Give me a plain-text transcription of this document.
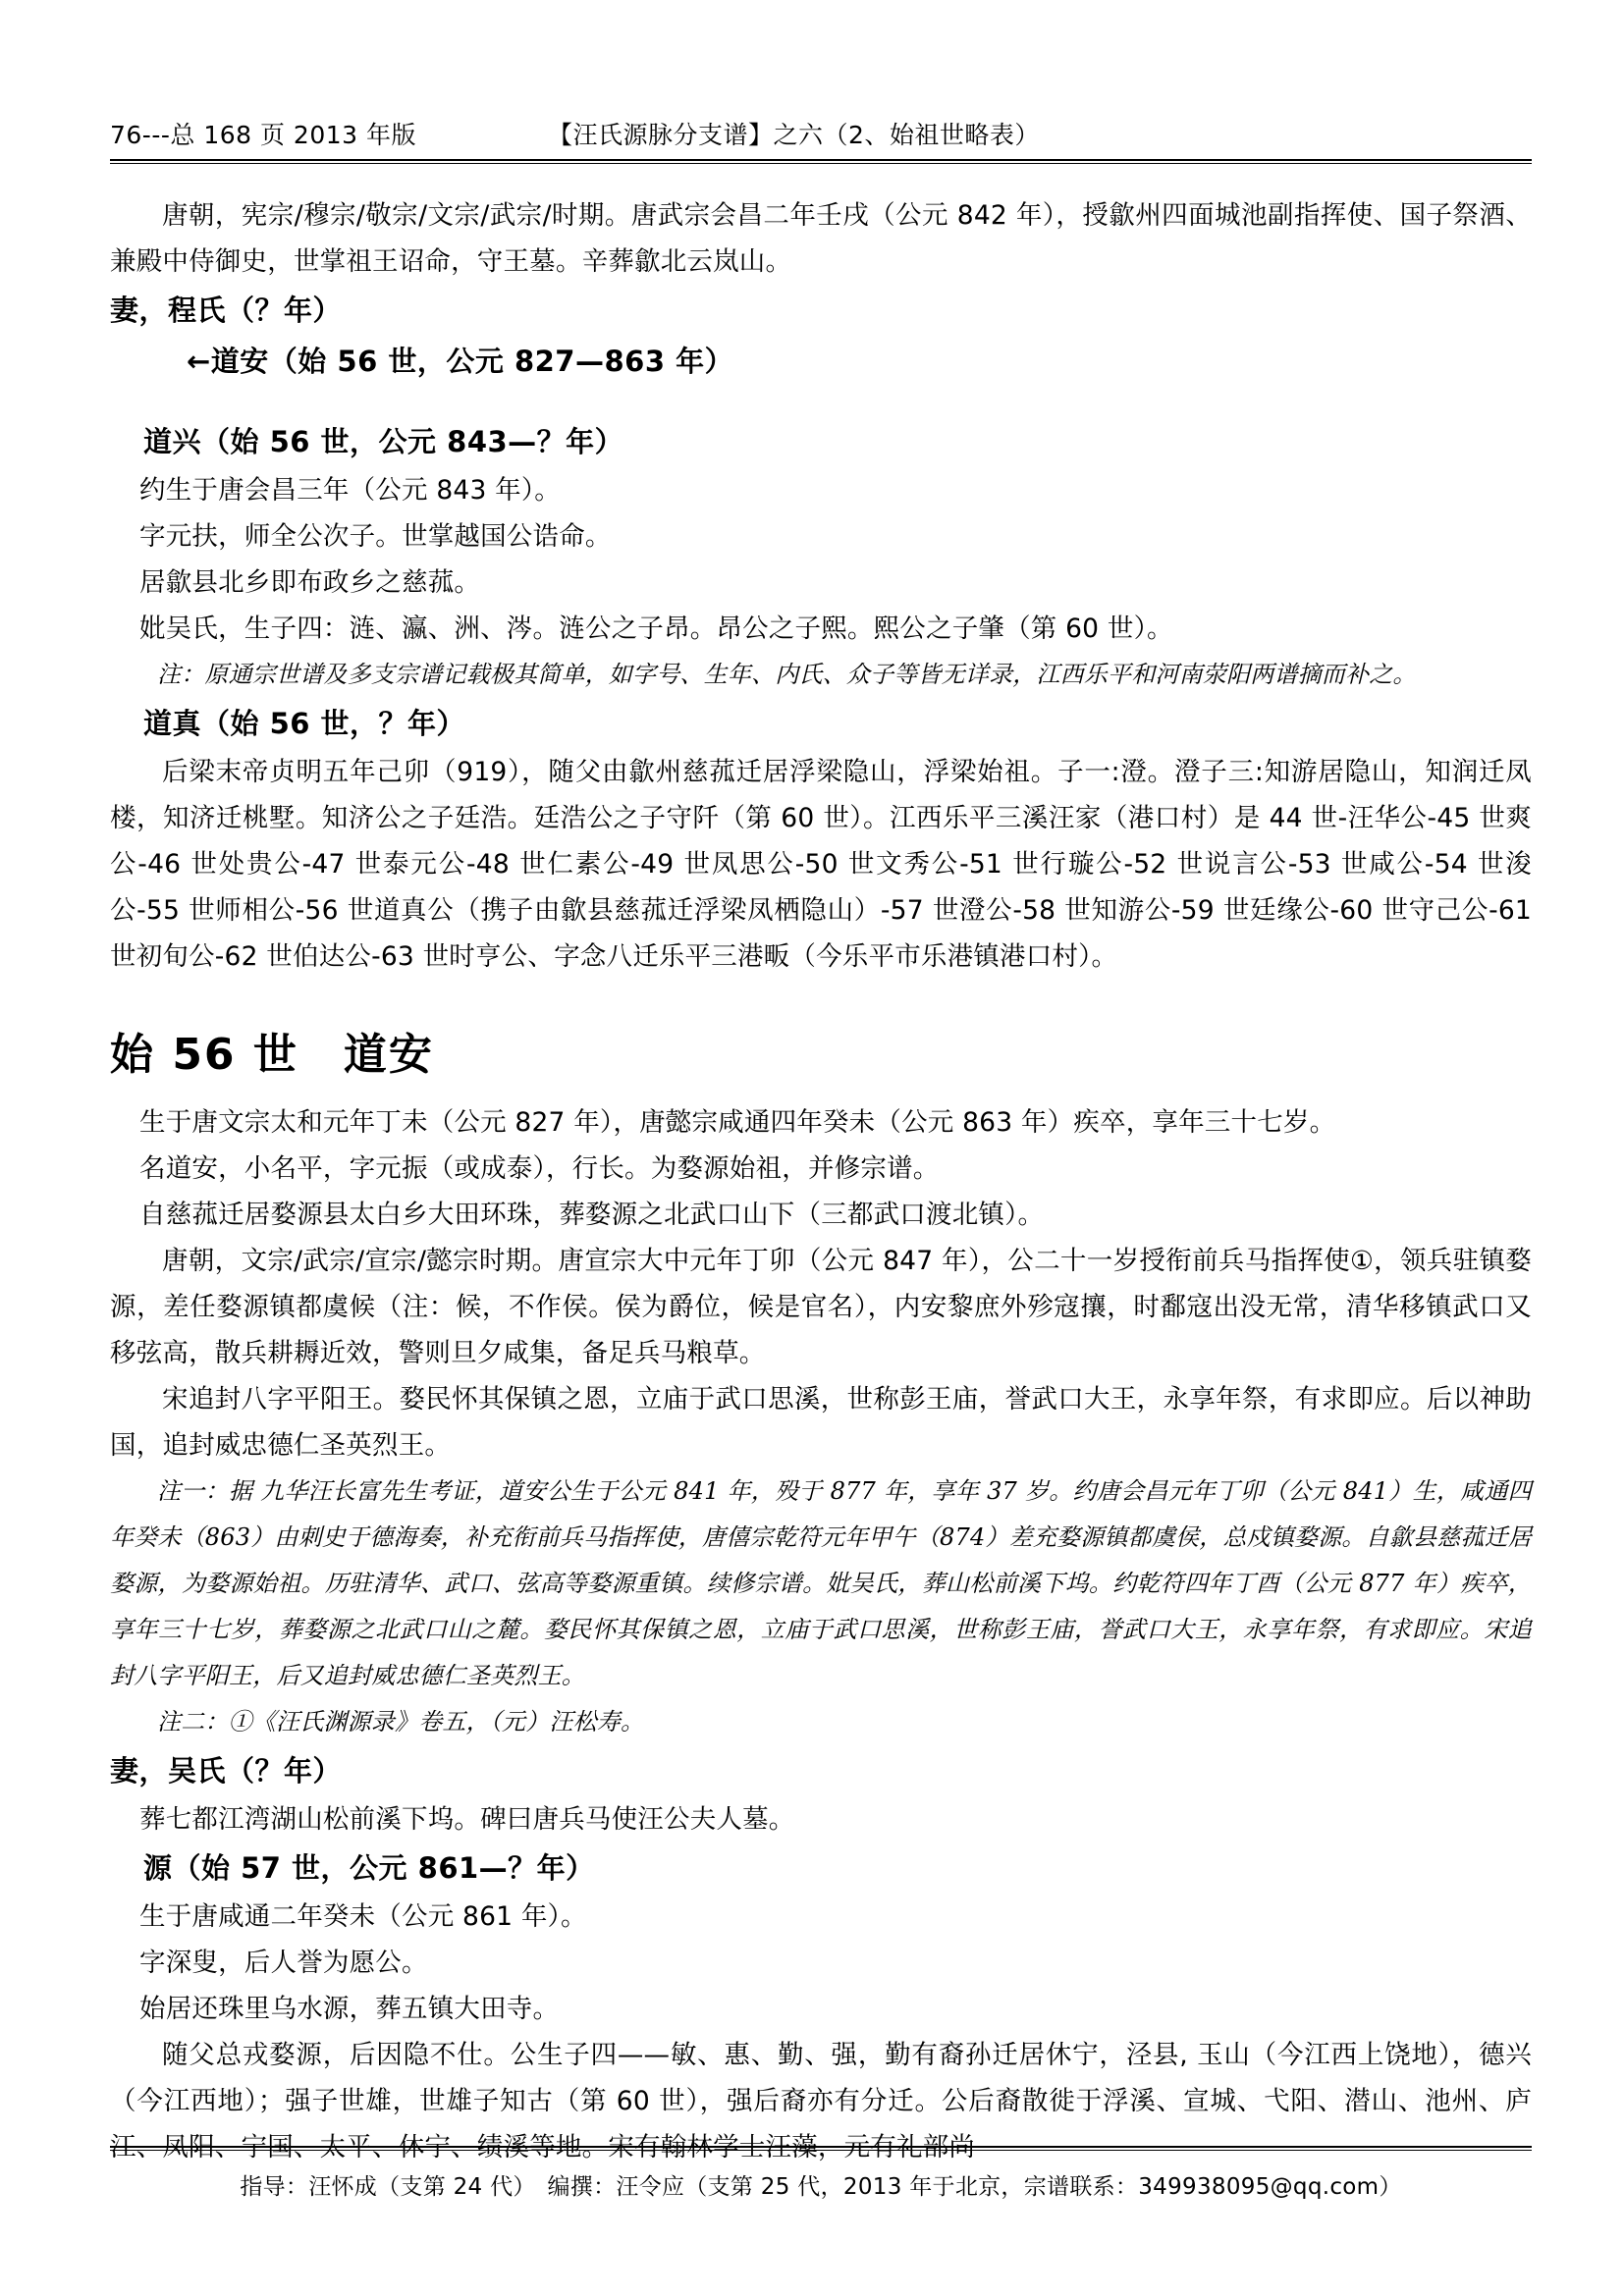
76---总 168 页 2013 年版	【汪氏源脉分支谱】之六（2、始祖世略表）

唐朝，宪宗/穆宗/敬宗/文宗/武宗/时期。唐武宗会昌二年壬戌（公元 842 年），授歙州四面城池副指挥使、国子祭酒、兼殿中侍御史，世掌祖王诏命，守王墓。辛葬歙北云岚山。

妻，程氏（？年）

←道安（始 56 世，公元 827—863 年）

道兴（始 56 世，公元 843—？年）

约生于唐会昌三年（公元 843 年）。

字元扶，师全公次子。世掌越国公诰命。

居歙县北乡即布政乡之慈菰。

妣吴氏，生子四：涟、瀛、洲、涔。涟公之子昂。昂公之子熙。熙公之子肇（第 60 世）。

注：原通宗世谱及多支宗谱记载极其简单，如字号、生年、内氏、众子等皆无详录，江西乐平和河南荥阳两谱摘而补之。

道真（始 56 世，？年）

后梁末帝贞明五年己卯（919），随父由歙州慈菰迁居浮梁隐山，浮梁始祖。子一:澄。澄子三:知游居隐山，知润迁凤楼，知济迁桃墅。知济公之子廷浩。廷浩公之子守阡（第 60 世）。江西乐平三溪汪家（港口村）是 44 世-汪华公-45 世爽公-46 世处贵公-47 世泰元公-48 世仁素公-49 世凤思公-50 世文秀公-51 世行璇公-52 世说言公-53 世咸公-54 世浚公-55 世师相公-56 世道真公（携子由歙县慈菰迁浮梁凤栖隐山）-57 世澄公-58 世知游公-59 世廷缘公-60 世守己公-61 世初旬公-62 世伯达公-63 世时亨公、字念八迁乐平三港畈（今乐平市乐港镇港口村）。

始 56 世　道安

生于唐文宗太和元年丁未（公元 827 年），唐懿宗咸通四年癸未（公元 863 年）疾卒，享年三十七岁。

名道安，小名平，字元振（或成泰），行长。为婺源始祖，并修宗谱。

自慈菰迁居婺源县太白乡大田环珠，葬婺源之北武口山下（三都武口渡北镇）。

唐朝，文宗/武宗/宣宗/懿宗时期。唐宣宗大中元年丁卯（公元 847 年），公二十一岁授衔前兵马指挥使①，领兵驻镇婺源，差任婺源镇都虞候（注：候，不作侯。侯为爵位，候是官名），内安黎庶外殄寇攘，时鄱寇出没无常，清华移镇武口又移弦高，散兵耕耨近效，警则旦夕咸集，备足兵马粮草。

宋追封八字平阳王。婺民怀其保镇之恩，立庙于武口思溪，世称彭王庙，誉武口大王，永享年祭，有求即应。后以神助国，追封威忠德仁圣英烈王。

注一：据 九华汪长富先生考证，道安公生于公元 841 年，殁于 877 年，享年 37 岁。约唐会昌元年丁卯（公元 841）生，咸通四年癸未（863）由刺史于德海奏，补充衔前兵马指挥使，唐僖宗乾符元年甲午（874）差充婺源镇都虞侯，总戍镇婺源。自歙县慈菰迁居婺源，为婺源始祖。历驻清华、武口、弦高等婺源重镇。续修宗谱。妣吴氏，葬山松前溪下坞。约乾符四年丁酉（公元 877 年）疾卒，享年三十七岁，葬婺源之北武口山之麓。婺民怀其保镇之恩，立庙于武口思溪，世称彭王庙，誉武口大王，永享年祭，有求即应。宋追封八字平阳王，后又追封威忠德仁圣英烈王。

注二：①《汪氏渊源录》卷五，（元）汪松寿。

妻，吴氏（？年）

葬七都江湾湖山松前溪下坞。碑曰唐兵马使汪公夫人墓。

源（始 57 世，公元 861—？年）

生于唐咸通二年癸未（公元 861 年）。

字深叟，后人誉为愿公。

始居还珠里乌水源，葬五镇大田寺。

随父总戎婺源，后因隐不仕。公生子四——敏、惠、勤、强，勤有裔孙迁居休宁，泾县, 玉山（今江西上饶地），德兴（今江西地）；强子世雄，世雄子知古（第 60 世），强后裔亦有分迁。公后裔散徙于浮溪、宣城、弋阳、潜山、池州、庐江、凤阳、宁国、太平、休宁、绩溪等地。宋有翰林学士汪藻，元有礼部尚

指导：汪怀成（支第 24 代）　编撰：汪令应（支第 25 代，2013 年于北京，宗谱联系：349938095@qq.com）
